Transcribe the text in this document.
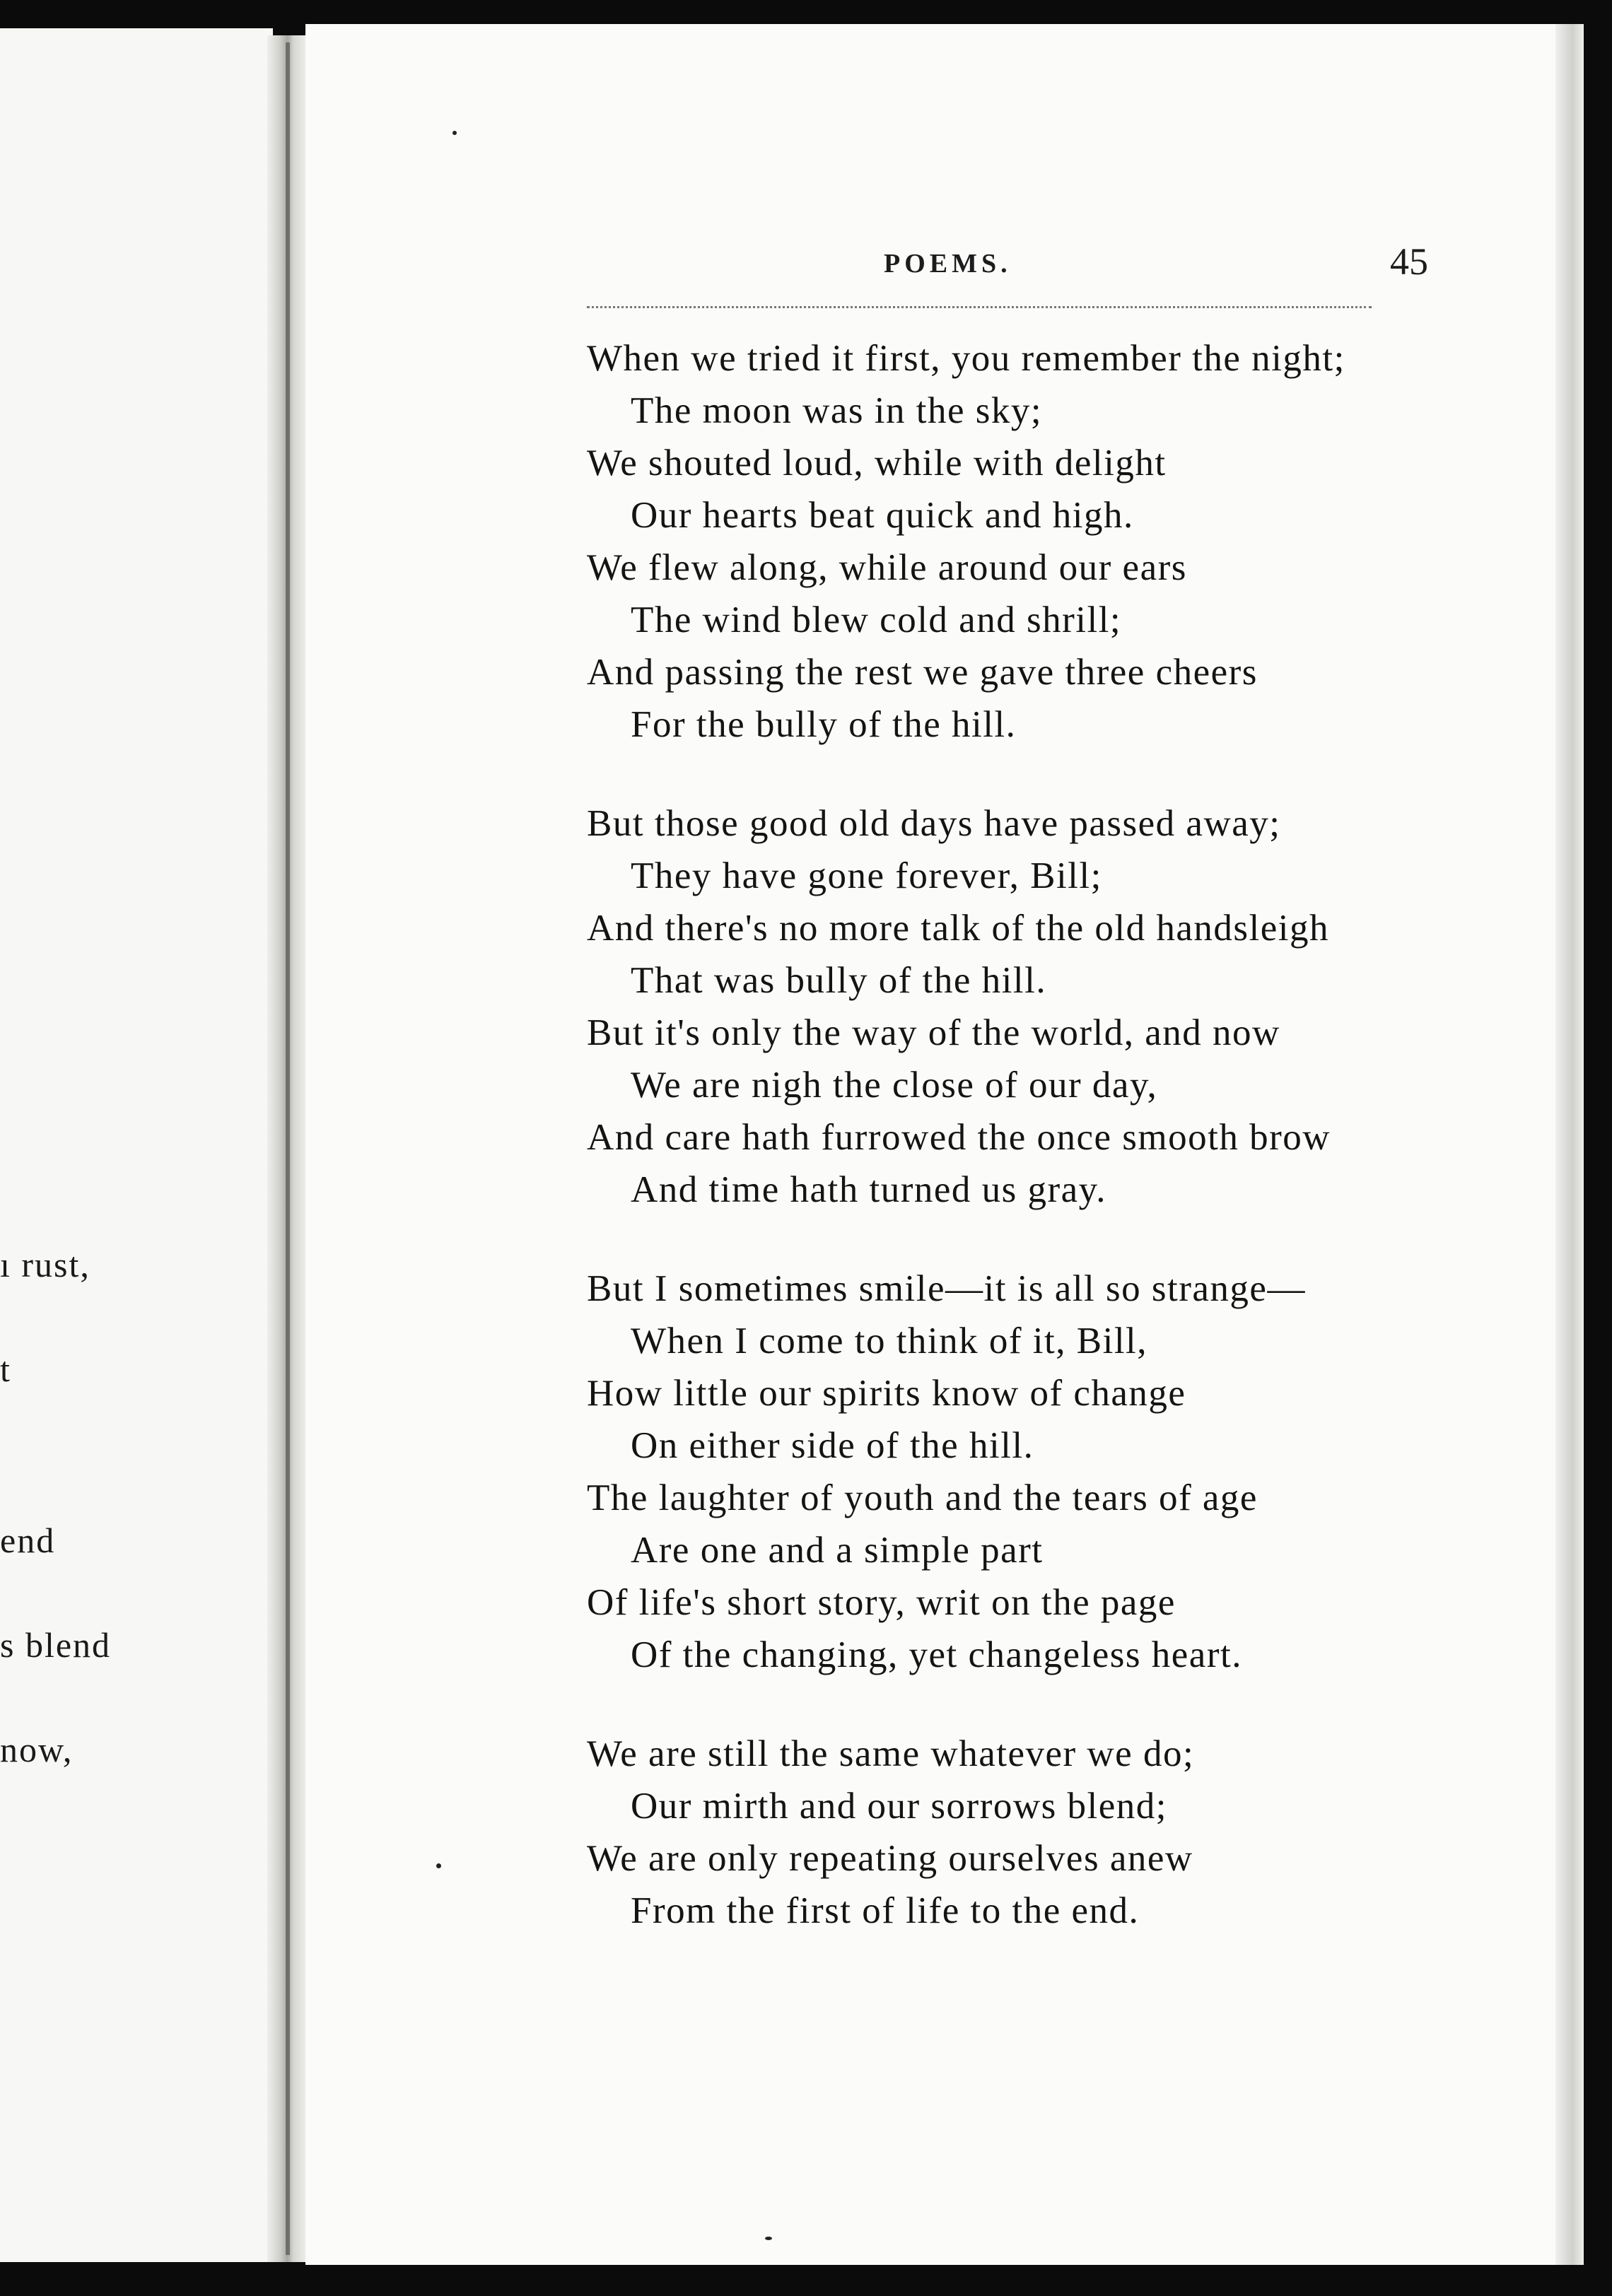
ı rust,
t
end
s blend
now,
POEMS.	45
When we tried it first, you remember the night;
The moon was in the sky;
We shouted loud, while with delight
Our hearts beat quick and high.
We flew along, while around our ears
The wind blew cold and shrill;
And passing the rest we gave three cheers
For the bully of the hill.
But those good old days have passed away;
They have gone forever, Bill;
And there's no more talk of the old handsleigh
That was bully of the hill.
But it's only the way of the world, and now
We are nigh the close of our day,
And care hath furrowed the once smooth brow
And time hath turned us gray.
But I sometimes smile—it is all so strange—
When I come to think of it, Bill,
How little our spirits know of change
On either side of the hill.
The laughter of youth and the tears of age
Are one and a simple part
Of life's short story, writ on the page
Of the changing, yet changeless heart.
We are still the same whatever we do;
Our mirth and our sorrows blend;
We are only repeating ourselves anew
From the first of life to the end.
